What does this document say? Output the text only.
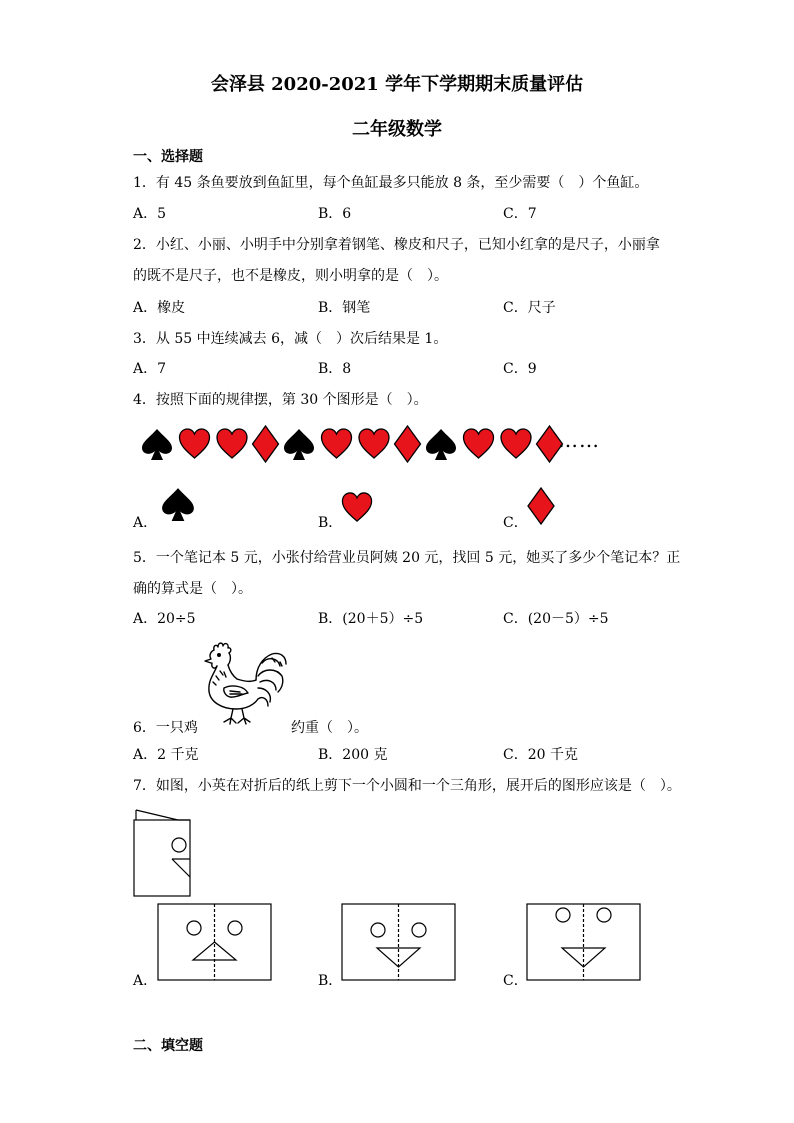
会泽县 2020-2021 学年下学期期末质量评估
二年级数学
一、选择题
1．有 45 条鱼要放到鱼缸里，每个鱼缸最多只能放 8 条，至少需要（　）个鱼缸。
A．5	B．6	C．7
2．小红、小丽、小明手中分别拿着钢笔、橡皮和尺子，已知小红拿的是尺子，小丽拿
的既不是尺子，也不是橡皮，则小明拿的是（　）。
A．橡皮	B．钢笔	C．尺子
3．从 55 中连续减去 6，减（　）次后结果是 1。
A．7	B．8	C．9
4．按照下面的规律摆，第 30 个图形是（　）。
……
A．	B．	C．
5．一个笔记本 5 元，小张付给营业员阿姨 20 元，找回 5 元，她买了多少个笔记本？正
确的算式是（　）。
A．20÷5	B．(20＋5）÷5	C．(20－5）÷5
6．一只鸡	约重（　）。
A．2 千克	B．200 克	C．20 千克
7．如图，小英在对折后的纸上剪下一个小圆和一个三角形，展开后的图形应该是（　）。
A．	B．	C．
二、填空题
